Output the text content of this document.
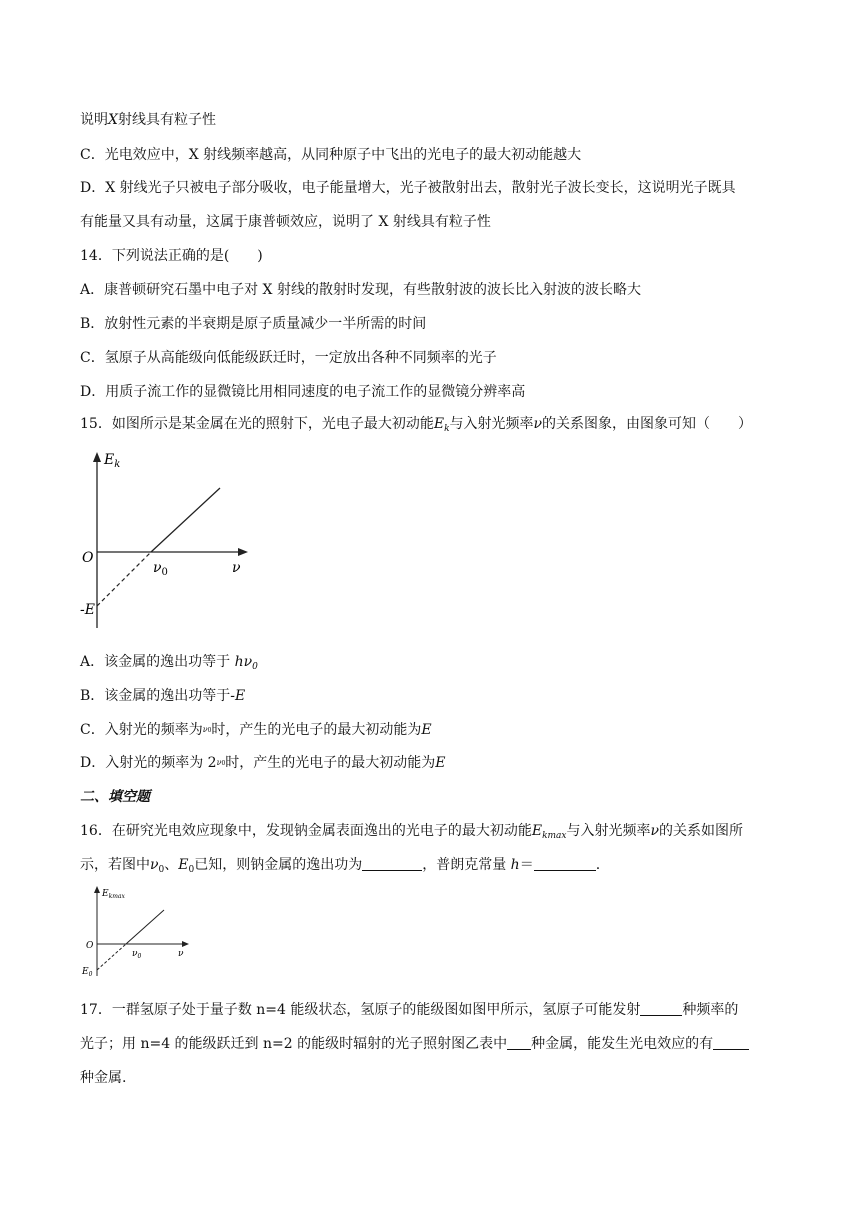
说明X射线具有粒子性
C．光电效应中，X 射线频率越高，从同种原子中飞出的光电子的最大初动能越大
D．X 射线光子只被电子部分吸收，电子能量增大，光子被散射出去，散射光子波长变长，这说明光子既具
有能量又具有动量，这属于康普顿效应，说明了 X 射线具有粒子性
14．下列说法正确的是(　　)
A．康普顿研究石墨中电子对 X 射线的散射时发现，有些散射波的波长比入射波的波长略大
B．放射性元素的半衰期是原子质量减少一半所需的时间
C．氢原子从高能级向低能级跃迁时，一定放出各种不同频率的光子
D．用质子流工作的显微镜比用相同速度的电子流工作的显微镜分辨率高
15．如图所示是某金属在光的照射下，光电子最大初动能$E_k$与入射光频率ν的关系图象，由图象可知（　　）
$E_k$
O
$\nu_0$	ν
-E
A．该金属的逸出功等于 $h\nu_0$
B．该金属的逸出功等于-E
C．入射光的频率为ν0时，产生的光电子的最大初动能为E
D．入射光的频率为 2ν0时，产生的光电子的最大初动能为E
二、填空题
16．在研究光电效应现象中，发现钠金属表面逸出的光电子的最大初动能$E_{kmax}$与入射光频率ν的关系如图所
示，若图中$\nu_0$、$E_0$已知，则钠金属的逸出功为	，普朗克常量 h＝	.
$E_{kmax}$
O
$\nu_0$	ν
$E_0$
17．一群氢原子处于量子数 n=4 能级状态，氢原子的能级图如图甲所示，氢原子可能发射	种频率的
光子；用 n=4 的能级跃迁到 n=2 的能级时辐射的光子照射图乙表中 种金属，能发生光电效应的有
种金属.
